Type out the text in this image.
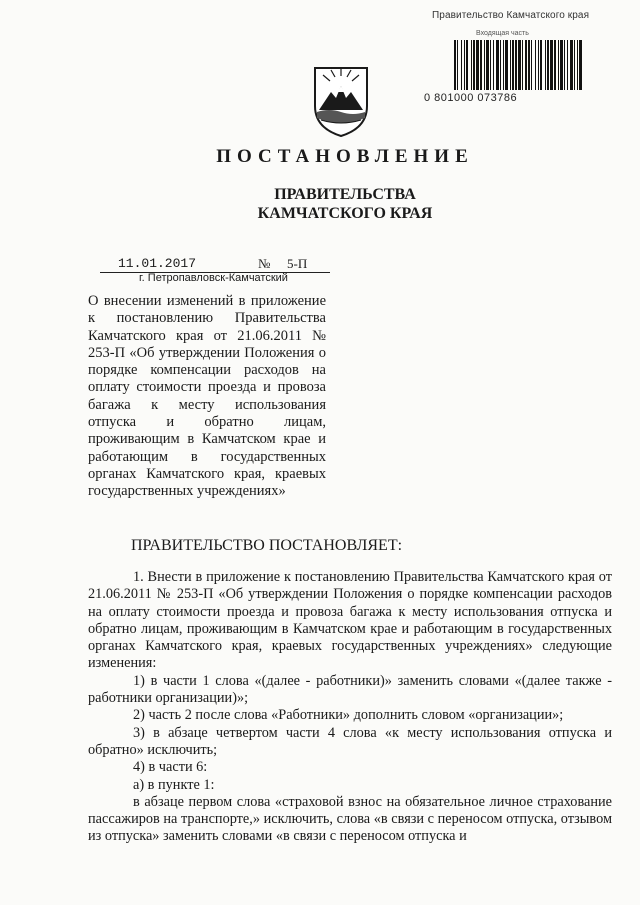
Правительство Камчатского края
Входящая часть
0 801000 073786
ПОСТАНОВЛЕНИЕ
ПРАВИТЕЛЬСТВА
КАМЧАТСКОГО КРАЯ
11.01.2017	№ 5-П
г. Петропавловск-Камчатский
О внесении изменений в приложение к постановлению Правительства Камчатского края от 21.06.2011 № 253-П «Об утверждении Положения о порядке компенсации расходов на оплату стоимости проезда и провоза багажа к месту использования отпуска и обратно лицам, проживающим в Камчатском крае и работающим в государственных органах Камчатского края, краевых государственных учреждениях»
ПРАВИТЕЛЬСТВО ПОСТАНОВЛЯЕТ:

1. Внести в приложение к постановлению Правительства Камчатского края от 21.06.2011 № 253-П «Об утверждении Положения о порядке компенсации расходов на оплату стоимости проезда и провоза багажа к месту использования отпуска и обратно лицам, проживающим в Камчатском крае и работающим в государственных органах Камчатского края, краевых государственных учреждениях» следующие изменения:

1) в части 1 слова «(далее - работники)» заменить словами «(далее также - работники организации)»;

2) часть 2 после слова «Работники» дополнить словом «организации»;

3) в абзаце четвертом части 4 слова «к месту использования отпуска и обратно» исключить;

4) в части 6:

а) в пункте 1:

в абзаце первом слова «страховой взнос на обязательное личное страхование пассажиров на транспорте,» исключить, слова «в связи с переносом отпуска, отзывом из отпуска» заменить словами «в связи с переносом отпуска и
